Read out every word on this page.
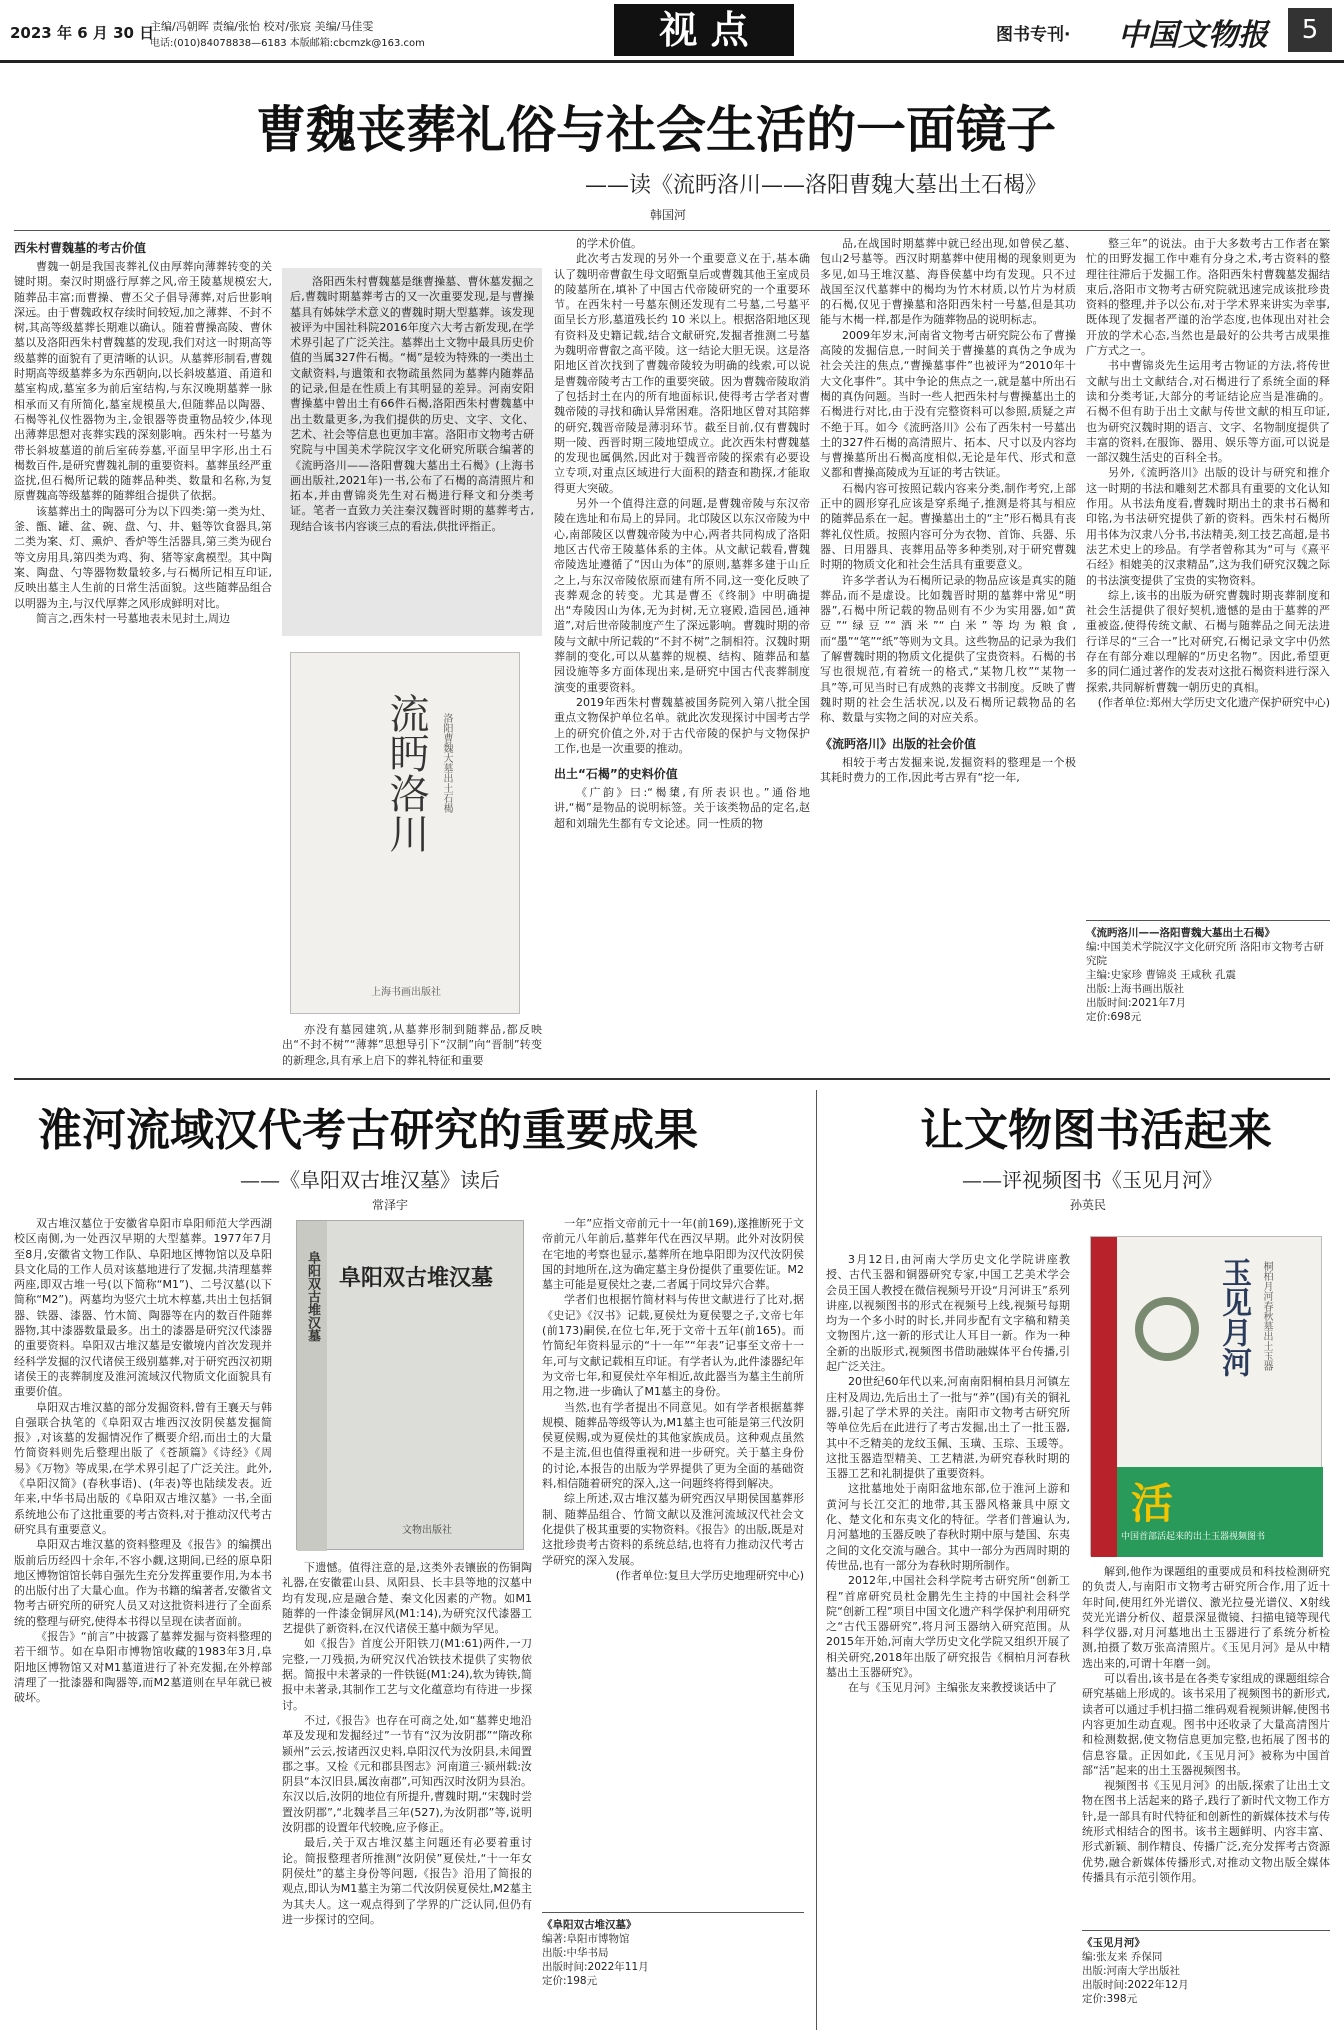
2023 年 6 月 30 日
主编/冯朝晖 责编/张怡 校对/张宸 美编/马佳雯
电话:(010)84078838—6183 本版邮箱:cbcmzk@163.com	视 点	图书专刊· 中国文物报	5
曹魏丧葬礼俗与社会生活的一面镜子
——读《流眄洛川——洛阳曹魏大墓出土石楬》
韩国河
西朱村曹魏墓的考古价值

曹魏一朝是我国丧葬礼仪由厚葬向薄葬转变的关键时期。秦汉时期盛行厚葬之风,帝王陵墓规模宏大,随葬品丰富;而曹操、曹丕父子倡导薄葬,对后世影响深远。由于曹魏政权存续时间较短,加之薄葬、不封不树,其高等级墓葬长期难以确认。随着曹操高陵、曹休墓以及洛阳西朱村曹魏墓的发现,我们对这一时期高等级墓葬的面貌有了更清晰的认识。从墓葬形制看,曹魏时期高等级墓葬多为东西朝向,以长斜坡墓道、甬道和墓室构成,墓室多为前后室结构,与东汉晚期墓葬一脉相承而又有所简化,墓室规模虽大,但随葬品以陶器、石楬等礼仪性器物为主,金银器等贵重物品较少,体现出薄葬思想对丧葬实践的深刻影响。西朱村一号墓为带长斜坡墓道的前后室砖券墓,平面呈甲字形,出土石楬数百件,是研究曹魏礼制的重要资料。墓葬虽经严重盗扰,但石楬所记载的随葬品种类、数量和名称,为复原曹魏高等级墓葬的随葬组合提供了依据。

该墓葬出土的陶器可分为以下四类:第一类为灶、釜、甑、罐、盆、碗、盘、勺、井、魁等饮食器具,第二类为案、灯、熏炉、香炉等生活器具,第三类为砚台等文房用具,第四类为鸡、狗、猪等家禽模型。其中陶案、陶盘、勺等器物数量较多,与石楬所记相互印证,反映出墓主人生前的日常生活面貌。这些随葬品组合以明器为主,与汉代厚葬之风形成鲜明对比。

简言之,西朱村一号墓地表未见封土,周边

洛阳西朱村曹魏墓是继曹操墓、曹休墓发掘之后,曹魏时期墓葬考古的又一次重要发现,是与曹操墓具有姊妹学术意义的曹魏时期大型墓葬。该发现被评为中国社科院2016年度六大考古新发现,在学术界引起了广泛关注。墓葬出土文物中最具历史价值的当属327件石楬。“楬”是较为特殊的一类出土文献资料,与遣策和衣物疏虽然同为墓葬内随葬品的记录,但是在性质上有其明显的差异。河南安阳曹操墓中曾出土有66件石楬,洛阳西朱村曹魏墓中出土数量更多,为我们提供的历史、文字、文化、艺术、社会等信息也更加丰富。洛阳市文物考古研究院与中国美术学院汉字文化研究所联合编著的《流眄洛川——洛阳曹魏大墓出土石楬》(上海书画出版社,2021年)一书,公布了石楬的高清照片和拓本,并由曹锦炎先生对石楬进行释文和分类考证。笔者一直致力关注秦汉魏晋时期的墓葬考古,现结合该书内容谈三点的看法,供批评指正。

流眄洛川 洛阳曹魏大墓出土石楬
上海书画出版社

亦没有墓园建筑,从墓葬形制到随葬品,都反映出“不封不树”“薄葬”思想导引下“汉制”向“晋制”转变的新理念,具有承上启下的葬礼特征和重要

的学术价值。

此次考古发现的另外一个重要意义在于,基本确认了魏明帝曹叡生母文昭甄皇后或曹魏其他王室成员的陵墓所在,填补了中国古代帝陵研究的一个重要环节。在西朱村一号墓东侧还发现有二号墓,二号墓平面呈长方形,墓道残长约 10 米以上。根据洛阳地区现有资料及史籍记载,结合文献研究,发掘者推测二号墓为魏明帝曹叡之高平陵。这一结论大胆无误。这是洛阳地区首次找到了曹魏帝陵较为明确的线索,可以说是曹魏帝陵考古工作的重要突破。因为曹魏帝陵取消了包括封土在内的所有地面标识,使得考古学者对曹魏帝陵的寻找和确认异常困难。洛阳地区曾对其陪葬的研究,魏晋帝陵是薄羽环节。截至目前,仅有曹魏时期一陵、西晋时期三陵地望成立。此次西朱村曹魏墓的发现也属偶然,因此对于魏晋帝陵的探索有必要设立专项,对重点区域进行大面积的踏查和勘探,才能取得更大突破。

另外一个值得注意的问题,是曹魏帝陵与东汉帝陵在选址和布局上的异同。北邙陵区以东汉帝陵为中心,南部陵区以曹魏帝陵为中心,两者共同构成了洛阳地区古代帝王陵墓体系的主体。从文献记载看,曹魏帝陵选址遵循了“因山为体”的原则,墓葬多建于山丘之上,与东汉帝陵依原而建有所不同,这一变化反映了丧葬观念的转变。尤其是曹丕《终制》中明确提出“寿陵因山为体,无为封树,无立寝殿,造园邑,通神道”,对后世帝陵制度产生了深远影响。曹魏时期的帝陵与文献中所记载的“不封不树”之制相符。汉魏时期葬制的变化,可以从墓葬的规模、结构、随葬品和墓园设施等多方面体现出来,是研究中国古代丧葬制度演变的重要资料。

2019年西朱村曹魏墓被国务院列入第八批全国重点文物保护单位名单。就此次发现探讨中国考古学上的研究价值之外,对于古代帝陵的保护与文物保护工作,也是一次重要的推动。

出土“石楬”的史料价值

《广韵》曰:“楬橥,有所表识也。”通俗地讲,“楬”是物品的说明标签。关于该类物品的定名,赵超和刘瑞先生都有专文论述。同一性质的物

品,在战国时期墓葬中就已经出现,如曾侯乙墓、包山2号墓等。西汉时期墓葬中使用楬的现象则更为多见,如马王堆汉墓、海昏侯墓中均有发现。只不过战国至汉代墓葬中的楬均为竹木材质,以竹片为材质的石楬,仅见于曹操墓和洛阳西朱村一号墓,但是其功能与木楬一样,都是作为随葬物品的说明标志。

2009年岁末,河南省文物考古研究院公布了曹操高陵的发掘信息,一时间关于曹操墓的真伪之争成为社会关注的焦点,“曹操墓事件”也被评为“2010年十大文化事件”。其中争论的焦点之一,就是墓中所出石楬的真伪问题。当时一些人把西朱村与曹操墓出土的石楬进行对比,由于没有完整资料可以参照,质疑之声不绝于耳。如今《流眄洛川》公布了西朱村一号墓出土的327件石楬的高清照片、拓本、尺寸以及内容均与曹操墓所出石楬高度相似,无论是年代、形式和意义都和曹操高陵成为互证的考古铁证。

石楬内容可按照记载内容来分类,制作考究,上部正中的圆形穿孔应该是穿系绳子,推测是将其与相应的随葬品系在一起。曹操墓出土的“主”形石楬具有丧葬礼仪性质。按照内容可分为衣物、首饰、兵器、乐器、日用器具、丧葬用品等多种类别,对于研究曹魏时期的物质文化和社会生活具有重要意义。

许多学者认为石楬所记录的物品应该是真实的随葬品,而不是虚设。比如魏晋时期的墓葬中常见“明器”,石楬中所记载的物品则有不少为实用器,如“黄豆”“绿豆”“酒米”“白米”等均为粮食,而“墨”“笔”“纸”等则为文具。这些物品的记录为我们了解曹魏时期的物质文化提供了宝贵资料。石楬的书写也很规范,有着统一的格式,“某物几枚”“某物一具”等,可见当时已有成熟的丧葬文书制度。反映了曹魏时期的社会生活状况,以及石楬所记载物品的名称、数量与实物之间的对应关系。

《流眄洛川》出版的社会价值

相较于考古发掘来说,发掘资料的整理是一个极其耗时费力的工作,因此考古界有“挖一年,

整三年”的说法。由于大多数考古工作者在繁忙的田野发掘工作中难有分身之术,考古资料的整理往往滞后于发掘工作。洛阳西朱村曹魏墓发掘结束后,洛阳市文物考古研究院就迅速完成该批珍贵资料的整理,并予以公布,对于学术界来讲实为幸事,既体现了发掘者严谨的治学态度,也体现出对社会开放的学术心态,当然也是最好的公共考古成果推广方式之一。

书中曹锦炎先生运用考古物证的方法,将传世文献与出土文献结合,对石楬进行了系统全面的释读和分类考证,大部分的考证结论应当是准确的。石楬不但有助于出土文献与传世文献的相互印证,也为研究汉魏时期的语言、文字、名物制度提供了丰富的资料,在服饰、器用、娱乐等方面,可以说是一部汉魏生活史的百科全书。

另外,《流眄洛川》出版的设计与研究和推介这一时期的书法和雕刻艺术都具有重要的文化认知作用。从书法角度看,曹魏时期出土的隶书石楬和印铭,为书法研究提供了新的资料。西朱村石楬所用书体为汉隶八分书,书法精美,刻工技艺高超,是书法艺术史上的珍品。有学者曾称其为“可与《熹平石经》相媲美的汉隶精品”,这为我们研究汉魏之际的书法演变提供了宝贵的实物资料。

综上,该书的出版为研究曹魏时期丧葬制度和社会生活提供了很好契机,遗憾的是由于墓葬的严重被盗,使得传统文献、石楬与随葬品之间无法进行详尽的“三合一”比对研究,石楬记录文字中仍然存在有部分难以理解的“历史名物”。因此,希望更多的同仁通过著作的发表对这批石楬资料进行深入探索,共同解析曹魏一朝历史的真相。

(作者单位:郑州大学历史文化遗产保护研究中心)

《流眄洛川——洛阳曹魏大墓出土石楬》
编:中国美术学院汉字文化研究所 洛阳市文物考古研究院
主编:史家珍 曹锦炎 王咸秋 孔震
出版:上海书画出版社
出版时间:2021年7月
定价:698元
淮河流域汉代考古研究的重要成果
——《阜阳双古堆汉墓》读后
常泽宇

双古堆汉墓位于安徽省阜阳市阜阳师范大学西湖校区南侧,为一处西汉早期的大型墓葬。1977年7月至8月,安徽省文物工作队、阜阳地区博物馆以及阜阳县文化局的工作人员对该墓地进行了发掘,共清理墓葬两座,即双古堆一号(以下简称“M1”)、二号汉墓(以下简称“M2”)。两墓均为竖穴土坑木椁墓,共出土包括铜器、铁器、漆器、竹木简、陶器等在内的数百件随葬器物,其中漆器数量最多。出土的漆器是研究汉代漆器的重要资料。阜阳双古堆汉墓是安徽境内首次发现并经科学发掘的汉代诸侯王级别墓葬,对于研究西汉初期诸侯王的丧葬制度及淮河流域汉代物质文化面貌具有重要价值。

阜阳双古堆汉墓的部分发掘资料,曾有王襄天与韩自强联合执笔的《阜阳双古堆西汉汝阴侯墓发掘简报》,对该墓的发掘情况作了概要介绍,而出土的大量竹简资料则先后整理出版了《苍颉篇》《诗经》《周易》《万物》等成果,在学术界引起了广泛关注。此外,《阜阳汉简》(春秋事语)、(年表)等也陆续发表。近年来,中华书局出版的《阜阳双古堆汉墓》一书,全面系统地公布了这批重要的考古资料,对于推动汉代考古研究具有重要意义。

阜阳双古堆汉墓的资料整理及《报告》的编撰出版前后历经四十余年,不容小觑,这期间,已经的原阜阳地区博物馆馆长韩自强先生充分发挥重要作用,为本书的出版付出了大量心血。作为书籍的编著者,安徽省文物考古研究所的研究人员又对这批资料进行了全面系统的整理与研究,使得本书得以呈现在读者面前。

《报告》“前言”中披露了墓葬发掘与资料整理的若干细节。如在阜阳市博物馆收藏的1983年3月,阜阳地区博物馆又对M1墓道进行了补充发掘,在外椁部清理了一批漆器和陶器等,而M2墓道则在早年就已被破坏。

阜阳双古堆汉墓 阜阳双古堆汉墓
文物出版社

下遗憾。值得注意的是,这类外表镶嵌的伤铜陶礼器,在安徽霍山县、凤阳县、长丰县等地的汉墓中均有发现,应是融合楚、秦文化因素的产物。如M1随葬的一件漆金铜屏风(M1:14),为研究汉代漆器工艺提供了新资料,在汉代诸侯王墓中颇为罕见。

如《报告》首度公开阳铁刀(M1:61)两件,一刀完整,一刀残损,为研究汉代冶铁技术提供了实物依据。简报中未著录的一件铁铤(M1:24),软为铸铁,简报中未著录,其制作工艺与文化蕴意均有待进一步探讨。

不过,《报告》也存在可商之处,如“墓葬史地沿革及发现和发掘经过”一节有“汉为汝阴郡”“隋改称颍州”云云,按诸西汉史料,阜阳汉代为汝阴县,未闻置郡之事。又检《元和郡县图志》河南道三·颍州载:汝阴县“本汉旧县,属汝南郡”,可知西汉时汝阴为县治。东汉以后,汝阴的地位有所提升,曹魏时期,“宋魏时尝置汝阴郡”,“北魏孝昌三年(527),为汝阴郡”等,说明汝阴郡的设置年代较晚,应予修正。

最后,关于双古堆汉墓主问题还有必要着重讨论。简报整理者所推测“汝阴侯”夏侯灶,“十一年女阴侯灶”的墓主身份等问题,《报告》沿用了简报的观点,即认为M1墓主为第二代汝阴侯夏侯灶,M2墓主为其夫人。这一观点得到了学界的广泛认同,但仍有进一步探讨的空间。

一年”应指文帝前元十一年(前169),遂推断死于文帝前元八年前后,墓葬年代在西汉早期。此外对汝阴侯在宅地的考察也显示,墓葬所在地阜阳即为汉代汝阴侯国的封地所在,这为确定墓主身份提供了重要佐证。M2墓主可能是夏侯灶之妻,二者属于同坟异穴合葬。

学者们也根据竹简材料与传世文献进行了比对,据《史记》《汉书》记载,夏侯灶为夏侯婴之子,文帝七年(前173)嗣侯,在位七年,死于文帝十五年(前165)。而竹简纪年资料显示的“十一年”“年表”记事至文帝十一年,可与文献记载相互印证。有学者认为,此件漆器纪年为文帝七年,和夏侯灶卒年相近,故此器当为墓主生前所用之物,进一步确认了M1墓主的身份。

当然,也有学者提出不同意见。如有学者根据墓葬规模、随葬品等级等认为,M1墓主也可能是第三代汝阴侯夏侯赐,或为夏侯灶的其他家族成员。这种观点虽然不是主流,但也值得重视和进一步研究。关于墓主身份的讨论,本报告的出版为学界提供了更为全面的基础资料,相信随着研究的深入,这一问题终将得到解决。

综上所述,双古堆汉墓为研究西汉早期侯国墓葬形制、随葬品组合、竹简文献以及淮河流域汉代社会文化提供了极其重要的实物资料。《报告》的出版,既是对这批珍贵考古资料的系统总结,也将有力推动汉代考古学研究的深入发展。

(作者单位:复旦大学历史地理研究中心)

《阜阳双古堆汉墓》
编著:阜阳市博物馆
出版:中华书局
出版时间:2022年11月
定价:198元
让文物图书活起来
——评视频图书《玉见月河》
孙英民

3月12日,由河南大学历史文化学院讲座教授、古代玉器和铜器研究专家,中国工艺美术学会会员王国人教授在微信视频号开设“月河讲玉”系列讲座,以视频图书的形式在视频号上线,视频号每期均为一个多小时的时长,并同步配有文字稿和精美文物图片,这一新的形式让人耳目一新。作为一种全新的出版形式,视频图书借助融媒体平台传播,引起广泛关注。

20世纪60年代以来,河南南阳桐柏县月河镇左庄村及周边,先后出土了一批与“养”(国)有关的铜礼器,引起了学术界的关注。南阳市文物考古研究所等单位先后在此进行了考古发掘,出土了一批玉器,其中不乏精美的龙纹玉佩、玉璜、玉琮、玉瑗等。这批玉器造型精美、工艺精湛,为研究春秋时期的玉器工艺和礼制提供了重要资料。

这批墓地处于南阳盆地东部,位于淮河上游和黄河与长江交汇的地带,其玉器风格兼具中原文化、楚文化和东夷文化的特征。学者们普遍认为,月河墓地的玉器反映了春秋时期中原与楚国、东夷之间的文化交流与融合。其中一部分为西周时期的传世品,也有一部分为春秋时期所制作。

2012年,中国社会科学院考古研究所“创新工程”首席研究员杜金鹏先生主持的中国社会科学院“创新工程”项目中国文化遗产科学保护利用研究之“古代玉器研究”,将月河玉器纳入研究范围。从2015年开始,河南大学历史文化学院又组织开展了相关研究,2018年出版了研究报告《桐柏月河春秋墓出土玉器研究》。

在与《玉见月河》主编张友来教授谈话中了

玉见月河	桐柏月河春秋墓出土玉器
活
中国首部活起来的出土玉器视频图书

解到,他作为课题组的重要成员和科技检测研究的负责人,与南阳市文物考古研究所合作,用了近十年时间,使用红外光谱仪、激光拉曼光谱仪、X射线荧光光谱分析仪、超景深显微镜、扫描电镜等现代科学仪器,对月河墓地出土玉器进行了系统分析检测,拍摄了数万张高清照片。《玉见月河》是从中精选出来的,可谓十年磨一剑。

可以看出,该书是在各类专家组成的课题组综合研究基础上形成的。该书采用了视频图书的新形式,读者可以通过手机扫描二维码观看视频讲解,使图书内容更加生动直观。图书中还收录了大量高清图片和检测数据,使文物信息更加完整,也拓展了图书的信息容量。正因如此,《玉见月河》被称为中国首部“活”起来的出土玉器视频图书。

视频图书《玉见月河》的出版,探索了让出土文物在图书上活起来的路子,践行了新时代文物工作方针,是一部具有时代特征和创新性的新媒体技术与传统形式相结合的图书。该书主题鲜明、内容丰富、形式新颖、制作精良、传播广泛,充分发挥考古资源优势,融合新媒体传播形式,对推动文物出版全媒体传播具有示范引领作用。

《玉见月河》
编:张友来 乔保同
出版:河南大学出版社
出版时间:2022年12月
定价:398元
